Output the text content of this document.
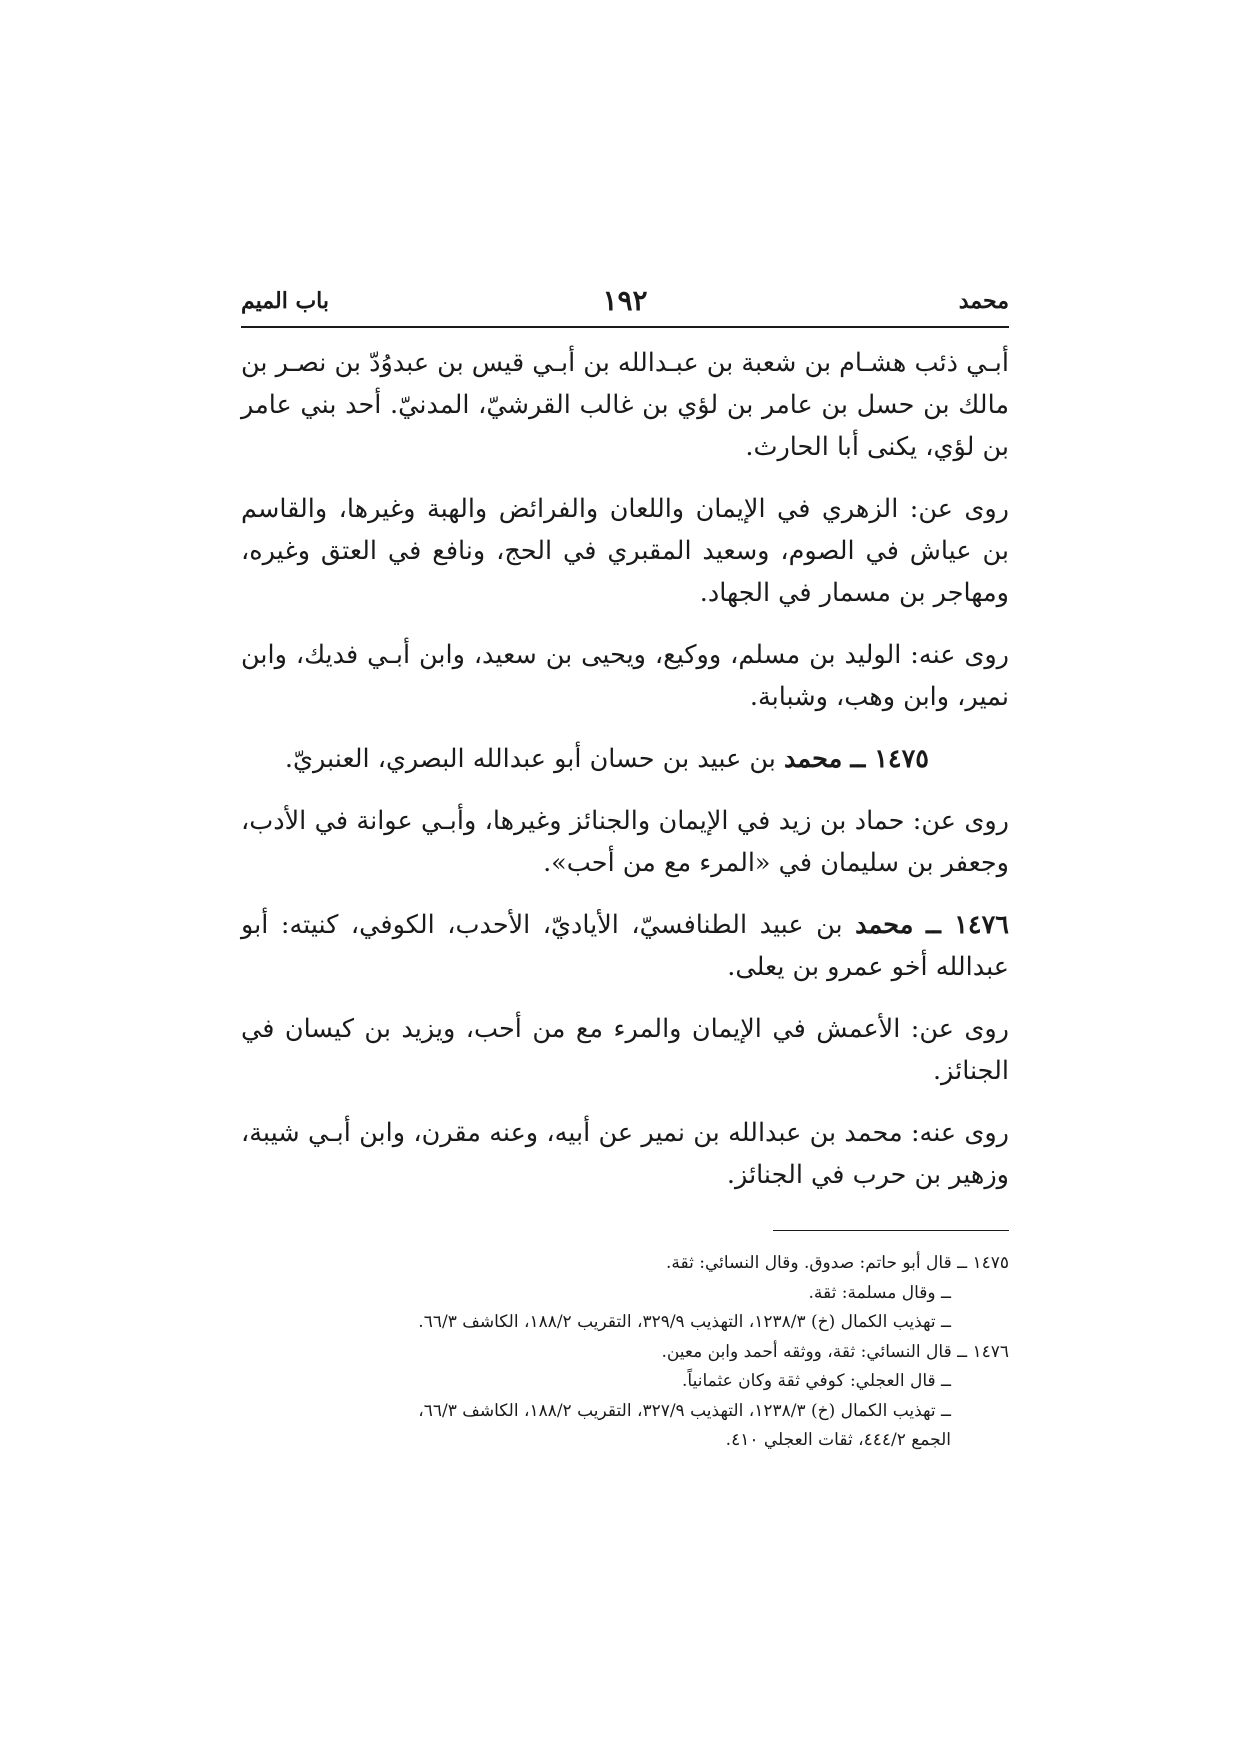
محمد
١٩٢
باب الميم

أبـي ذئب هشـام بن شعبة بن عبـدالله بن أبـي قيس بن عبدوُدّ بن نصـر بن مالك بن حسل بن عامر بن لؤي بن غالب القرشيّ، المدنيّ. أحد بني عامر بن لؤي، يكنى أبا الحارث.

روى عن: الزهري في الإيمان واللعان والفرائض والهبة وغيرها، والقاسم بن عياش في الصوم، وسعيد المقبري في الحج، ونافع في العتق وغيره، ومهاجر بن مسمار في الجهاد.

روى عنه: الوليد بن مسلم، ووكيع، ويحيى بن سعيد، وابن أبـي فديك، وابن نمير، وابن وهب، وشبابة.

١٤٧٥ ــ محمد بن عبيد بن حسان أبو عبدالله البصري، العنبريّ.

روى عن: حماد بن زيد في الإيمان والجنائز وغيرها، وأبـي عوانة في الأدب، وجعفر بن سليمان في «المرء مع من أحب».

١٤٧٦ ــ محمد بن عبيد الطنافسيّ، الأياديّ، الأحدب، الكوفي، كنيته: أبو عبدالله أخو عمرو بن يعلى.

روى عن: الأعمش في الإيمان والمرء مع من أحب، ويزيد بن كيسان في الجنائز.

روى عنه: محمد بن عبدالله بن نمير عن أبيه، وعنه مقرن، وابن أبـي شيبة، وزهير بن حرب في الجنائز.

١٤٧٥ ــ قال أبو حاتم: صدوق. وقال النسائي: ثقة.
ــ وقال مسلمة: ثقة.
ــ تهذيب الكمال (خ) ١٢٣٨/٣، التهذيب ٣٢٩/٩، التقريب ١٨٨/٢، الكاشف ٦٦/٣.
١٤٧٦ ــ قال النسائي: ثقة، ووثقه أحمد وابن معين.
ــ قال العجلي: كوفي ثقة وكان عثمانياً.
ــ تهذيب الكمال (خ) ١٢٣٨/٣، التهذيب ٣٢٧/٩، التقريب ١٨٨/٢، الكاشف ٦٦/٣،
الجمع ٤٤٤/٢، ثقات العجلي ٤١٠.
